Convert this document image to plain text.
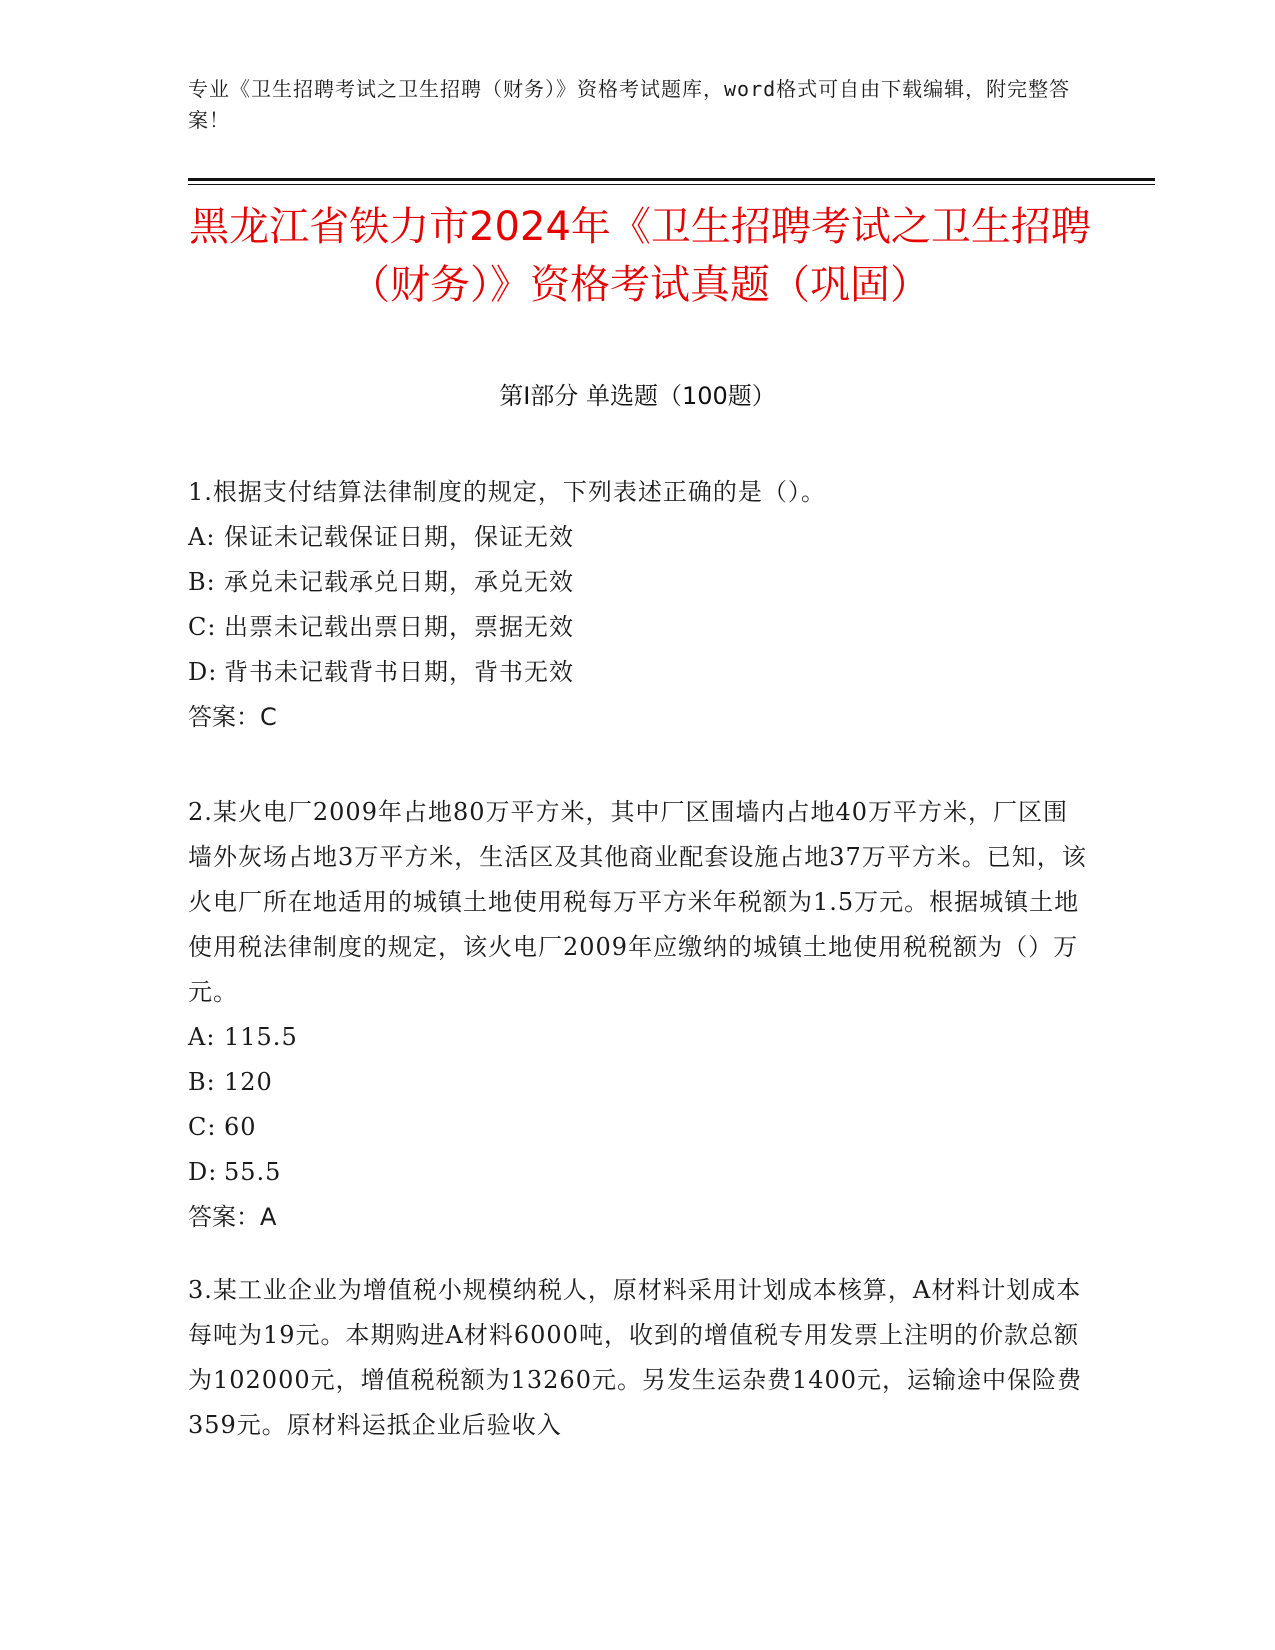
专业《卫生招聘考试之卫生招聘（财务）》资格考试题库，word格式可自由下载编辑，附完整答案！
黑龙江省铁力市2024年《卫生招聘考试之卫生招聘（财务）》资格考试真题（巩固）
第Ⅰ部分 单选题（100题）
1.根据支付结算法律制度的规定，下列表述正确的是（）。
A: 保证未记载保证日期，保证无效
B: 承兑未记载承兑日期，承兑无效
C: 出票未记载出票日期，票据无效
D: 背书未记载背书日期，背书无效
答案：C
2.某火电厂2009年占地80万平方米，其中厂区围墙内占地40万平方米，厂区围墙外灰场占地3万平方米，生活区及其他商业配套设施占地37万平方米。已知，该火电厂所在地适用的城镇土地使用税每万平方米年税额为1.5万元。根据城镇土地使用税法律制度的规定，该火电厂2009年应缴纳的城镇土地使用税税额为（）万元。
A: 115.5
B: 120
C: 60
D: 55.5
答案：A
3.某工业企业为增值税小规模纳税人，原材料采用计划成本核算，A材料计划成本每吨为19元。本期购进A材料6000吨，收到的增值税专用发票上注明的价款总额为102000元，增值税税额为13260元。另发生运杂费1400元，运输途中保险费359元。原材料运抵企业后验收入
